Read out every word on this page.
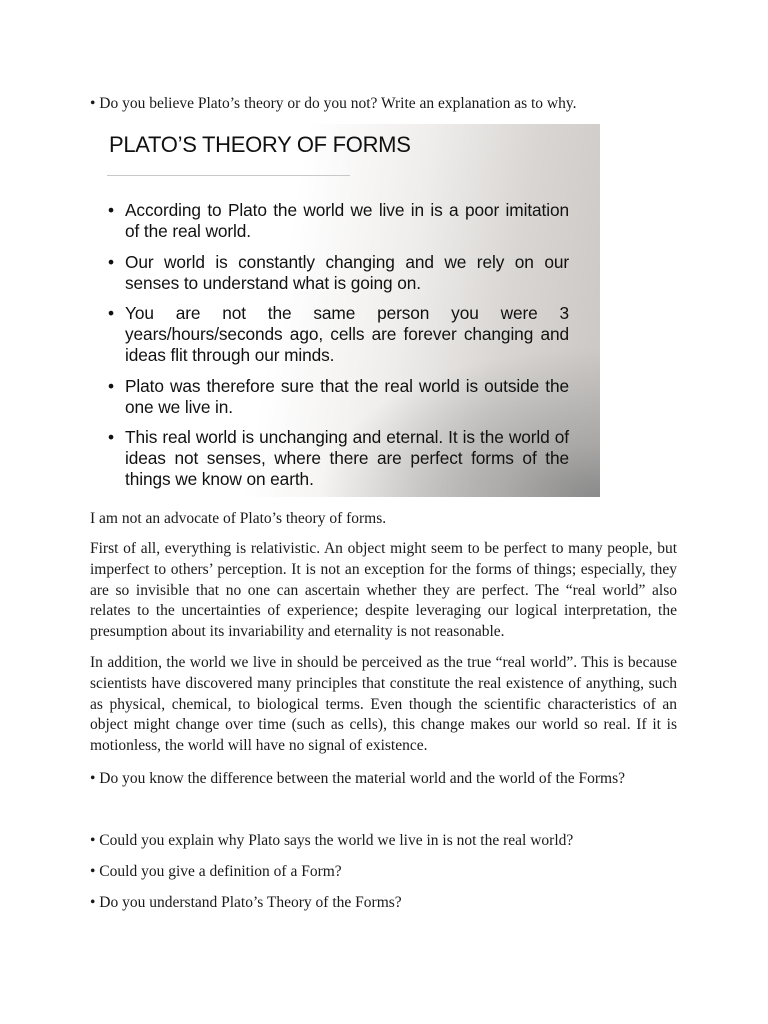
• Do you believe Plato’s theory or do you not? Write an explanation as to why.
PLATO’S THEORY OF FORMS
• According to Plato the world we live in is a poor imitation of the real world.
• Our world is constantly changing and we rely on our senses to understand what is going on.
• You are not the same person you were 3 years/hours/seconds ago, cells are forever changing and ideas flit through our minds.
• Plato was therefore sure that the real world is outside the one we live in.
• This real world is unchanging and eternal. It is the world of ideas not senses, where there are perfect forms of the things we know on earth.
I am not an advocate of Plato’s theory of forms.
First of all, everything is relativistic. An object might seem to be perfect to many people, but imperfect to others’ perception. It is not an exception for the forms of things; especially, they are so invisible that no one can ascertain whether they are perfect. The “real world” also relates to the uncertainties of experience; despite leveraging our logical interpretation, the presumption about its invariability and eternality is not reasonable.
In addition, the world we live in should be perceived as the true “real world”. This is because scientists have discovered many principles that constitute the real existence of anything, such as physical, chemical, to biological terms. Even though the scientific characteristics of an object might change over time (such as cells), this change makes our world so real. If it is motionless, the world will have no signal of existence.
• Do you know the difference between the material world and the world of the Forms?
• Could you explain why Plato says the world we live in is not the real world?
• Could you give a definition of a Form?
• Do you understand Plato’s Theory of the Forms?
